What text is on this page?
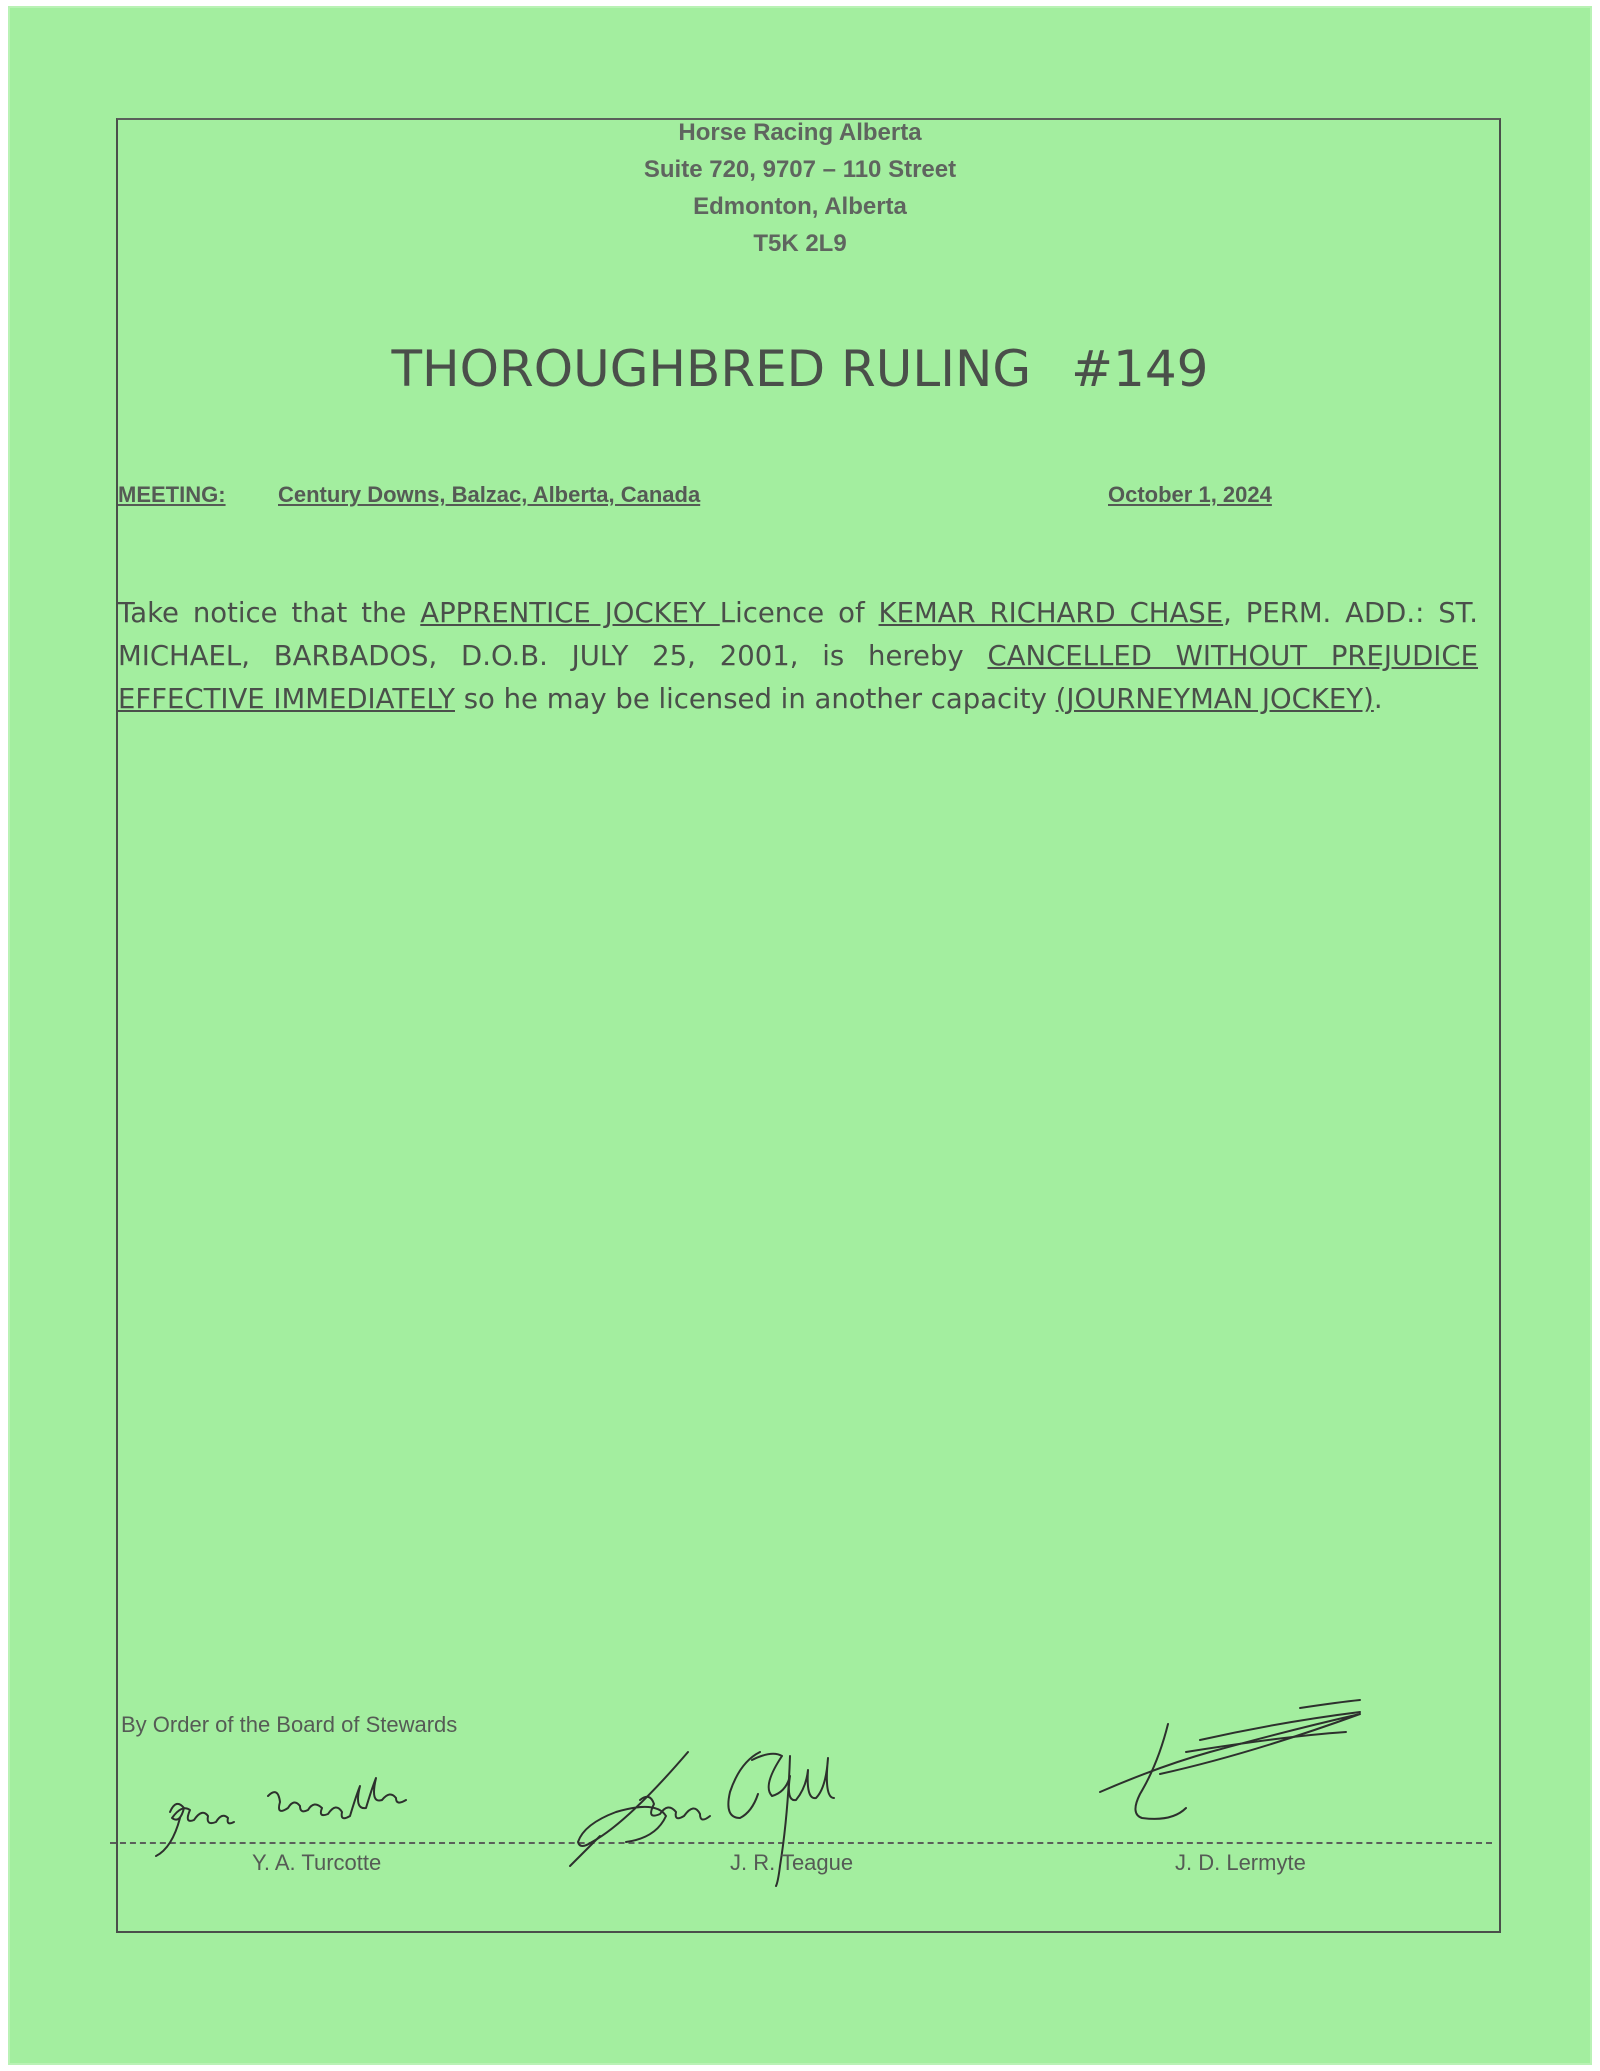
Horse Racing Alberta
Suite 720, 9707 – 110 Street
Edmonton, Alberta
T5K 2L9
THOROUGHBRED RULING #149
MEETING: Century Downs, Balzac, Alberta, Canada	October 1, 2024
Take notice that the APPRENTICE JOCKEY Licence of KEMAR RICHARD CHASE, PERM. ADD.: ST. MICHAEL, BARBADOS, D.O.B. JULY 25, 2001, is hereby CANCELLED WITHOUT PREJUDICE EFFECTIVE IMMEDIATELY so he may be licensed in another capacity (JOURNEYMAN JOCKEY).
By Order of the Board of Stewards
Y. A. Turcotte	J. R. Teague	J. D. Lermyte
